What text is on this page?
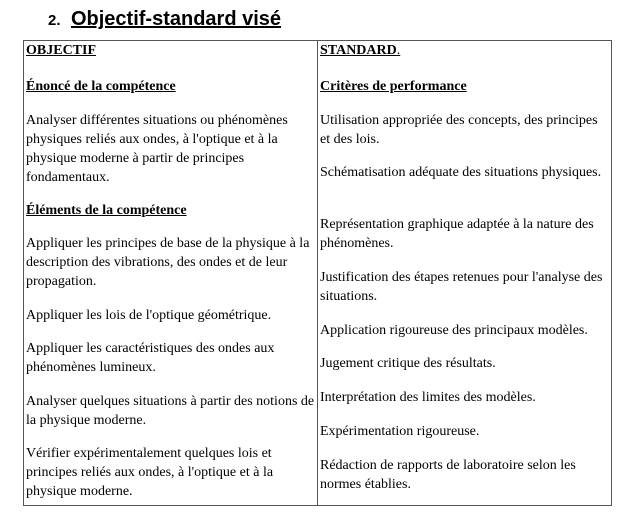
2. Objectif-standard visé
OBJECTIF
Énoncé de la compétence
Analyser différentes situations ou phénomènes physiques reliés aux ondes, à l'optique et à la physique moderne à partir de principes fondamentaux.
Éléments de la compétence
Appliquer les principes de base de la physique à la description des vibrations, des ondes et de leur propagation.
Appliquer les lois de l'optique géométrique.
Appliquer les caractéristiques des ondes aux phénomènes lumineux.
Analyser quelques situations à partir des notions de la physique moderne.
Vérifier expérimentalement quelques lois et principes reliés aux ondes, à l'optique et à la physique moderne.
STANDARD.
Critères de performance
Utilisation appropriée des concepts, des principes et des lois.
Schématisation adéquate des situations physiques.
Représentation graphique adaptée à la nature des phénomènes.
Justification des étapes retenues pour l'analyse des situations.
Application rigoureuse des principaux modèles.
Jugement critique des résultats.
Interprétation des limites des modèles.
Expérimentation rigoureuse.
Rédaction de rapports de laboratoire selon les normes établies.
